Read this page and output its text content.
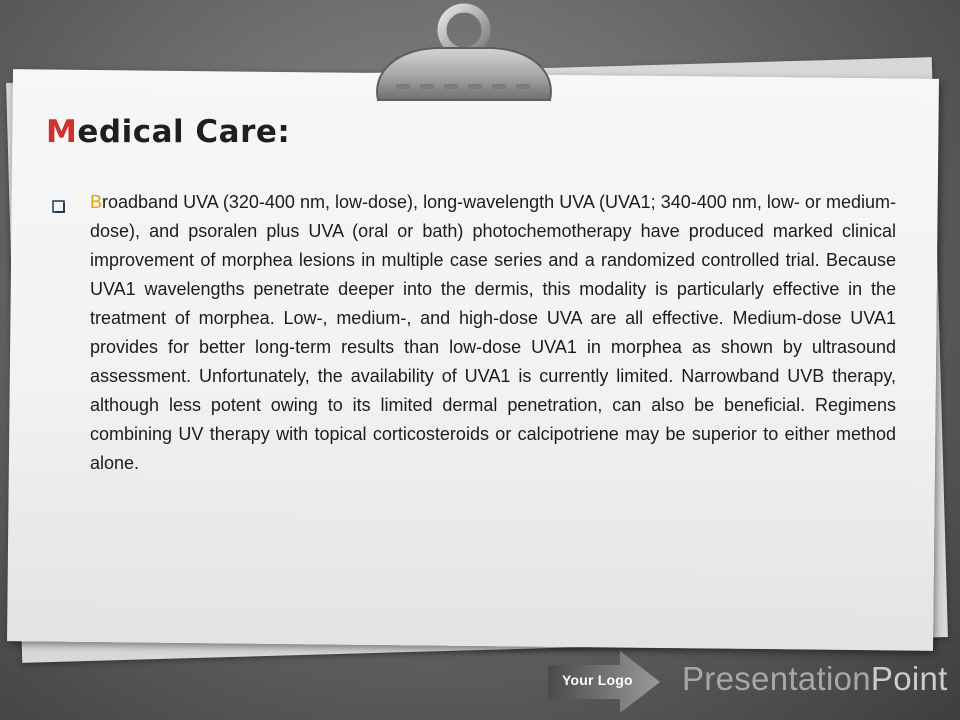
Medical Care:

Broadband UVA (320-400 nm, low-dose), long-wavelength UVA (UVA1; 340-400 nm, low- or medium-dose), and psoralen plus UVA (oral or bath) photochemotherapy have produced marked clinical improvement of morphea lesions in multiple case series and a randomized controlled trial. Because UVA1 wavelengths penetrate deeper into the dermis, this modality is particularly effective in the treatment of morphea. Low-, medium-, and high-dose UVA are all effective. Medium-dose UVA1 provides for better long-term results than low-dose UVA1 in morphea as shown by ultrasound assessment. Unfortunately, the availability of UVA1 is currently limited. Narrowband UVB therapy, although less potent owing to its limited dermal penetration, can also be beneficial. Regimens combining UV therapy with topical corticosteroids or calcipotriene may be superior to either method alone.

Your Logo PresentationPoint
